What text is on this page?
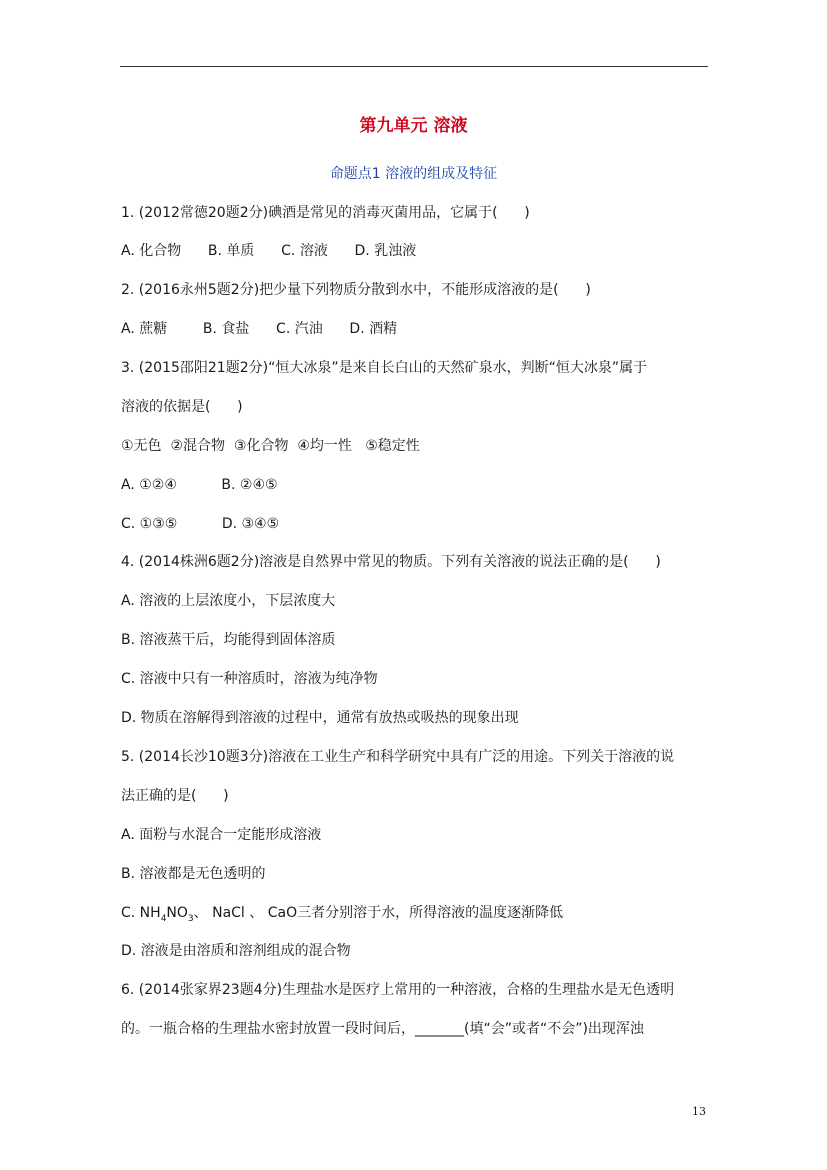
第九单元 溶液
命题点1 溶液的组成及特征
1. (2012常德20题2分)碘酒是常见的消毒灭菌用品，它属于(      )
A. 化合物      B. 单质      C. 溶液      D. 乳浊液
2. (2016永州5题2分)把少量下列物质分散到水中，不能形成溶液的是(      )
A. 蔗糖        B. 食盐      C. 汽油      D. 酒精
3. (2015邵阳21题2分)“恒大冰泉”是来自长白山的天然矿泉水，判断“恒大冰泉”属于
溶液的依据是(      )
①无色  ②混合物  ③化合物  ④均一性   ⑤稳定性
A. ①②④          B. ②④⑤
C. ①③⑤          D. ③④⑤
4. (2014株洲6题2分)溶液是自然界中常见的物质。下列有关溶液的说法正确的是(      )
A. 溶液的上层浓度小，下层浓度大
B. 溶液蒸干后，均能得到固体溶质
C. 溶液中只有一种溶质时，溶液为纯净物
D. 物质在溶解得到溶液的过程中，通常有放热或吸热的现象出现
5. (2014长沙10题3分)溶液在工业生产和科学研究中具有广泛的用途。下列关于溶液的说
法正确的是(      )
A. 面粉与水混合一定能形成溶液
B. 溶液都是无色透明的
C. $NH_4NO_3$、 NaCl 、 CaO三者分别溶于水，所得溶液的温度逐渐降低
D. 溶液是由溶质和溶剂组成的混合物
6. (2014张家界23题4分)生理盐水是医疗上常用的一种溶液，合格的生理盐水是无色透明
的。一瓶合格的生理盐水密封放置一段时间后，_______(填“会”或者“不会”)出现浑浊
13
